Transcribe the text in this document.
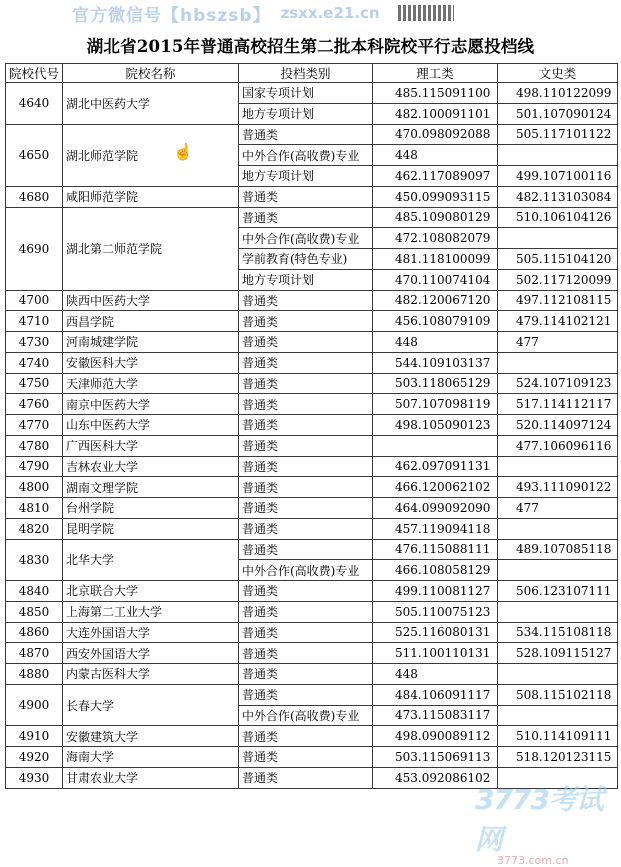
官方微信号【hbszsb】 zsxx.e21.cn
湖北省2015年普通高校招生第二批本科院校平行志愿投档线
院校代号	院校名称	投档类别	理工类	文史类
4640	湖北中医药大学	国家专项计划	485.115091100	498.110122099
		地方专项计划	482.100091101	501.107090124
4650	湖北师范学院	普通类	470.098092088	505.117101122
		中外合作(高收费)专业	448	
		地方专项计划	462.117089097	499.107100116
4680	咸阳师范学院	普通类	450.099093115	482.113103084
4690	湖北第二师范学院	普通类	485.109080129	510.106104126
		中外合作(高收费)专业	472.108082079	
		学前教育(特色专业)	481.118100099	505.115104120
		地方专项计划	470.110074104	502.117120099
4700	陕西中医药大学	普通类	482.120067120	497.112108115
4710	西昌学院	普通类	456.108079109	479.114102121
4730	河南城建学院	普通类	448	477
4740	安徽医科大学	普通类	544.109103137	
4750	天津师范大学	普通类	503.118065129	524.107109123
4760	南京中医药大学	普通类	507.107098119	517.114112117
4770	山东中医药大学	普通类	498.105090123	520.114097124
4780	广西医科大学	普通类		477.106096116
4790	吉林农业大学	普通类	462.097091131	
4800	湖南文理学院	普通类	466.120062102	493.111090122
4810	台州学院	普通类	464.099092090	477
4820	昆明学院	普通类	457.119094118	
4830	北华大学	普通类	476.115088111	489.107085118
		中外合作(高收费)专业	466.108058129	
4840	北京联合大学	普通类	499.110081127	506.123107111
4850	上海第二工业大学	普通类	505.110075123	
4860	大连外国语大学	普通类	525.116080131	534.115108118
4870	西安外国语大学	普通类	511.100110131	528.109115127
4880	内蒙古医科大学	普通类	448	
4900	长春大学	普通类	484.106091117	508.115102118
		中外合作(高收费)专业	473.115083117	
4910	安徽建筑大学	普通类	498.090089112	510.114109111
4920	海南大学	普通类	503.115069113	518.120123115
4930	甘肃农业大学	普通类	453.092086102	
☝
3773考试网
3773.com.cn
